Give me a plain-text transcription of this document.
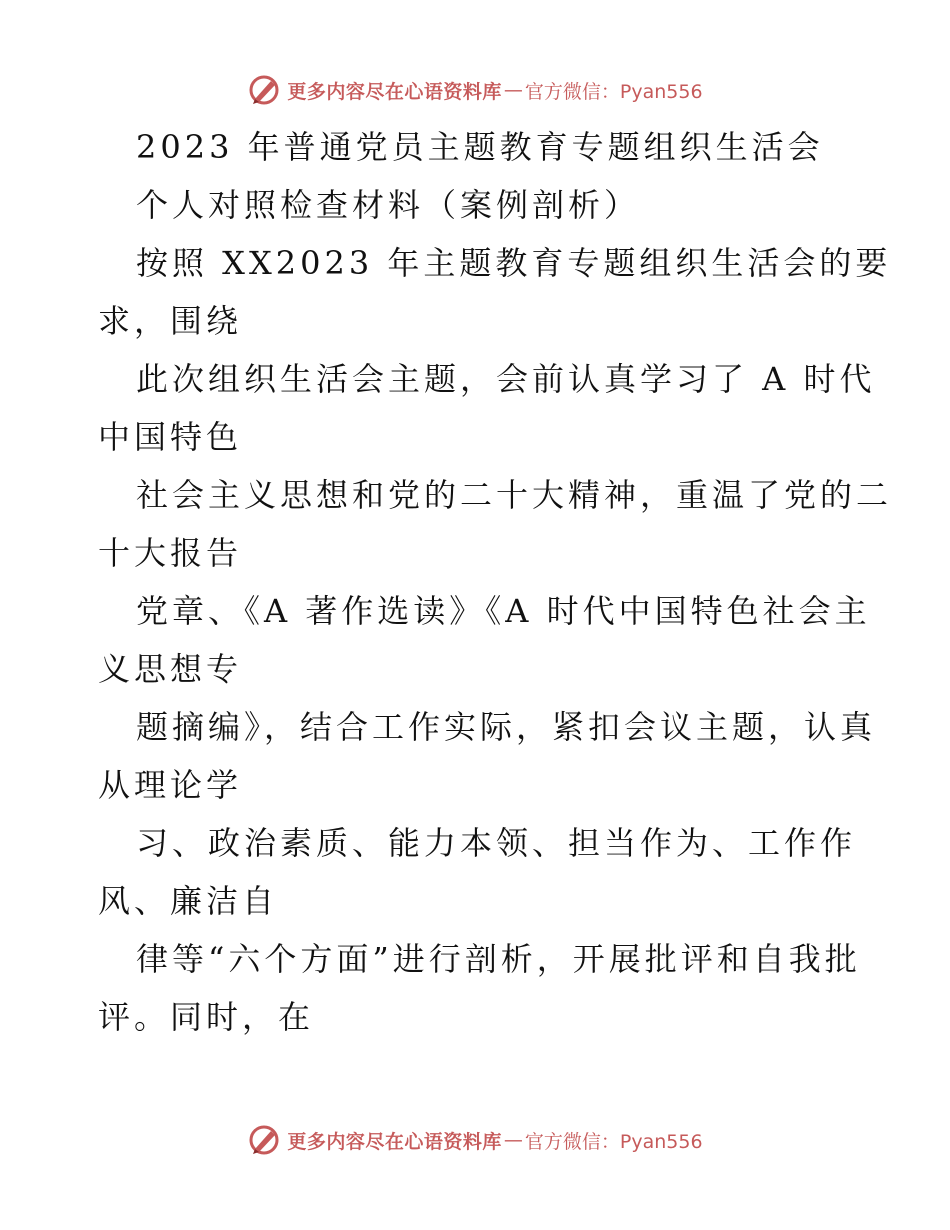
更多内容尽在心语资料库 — 官方微信：Pyan556
2023 年普通党员主题教育专题组织生活会
个人对照检查材料（案例剖析）
按照 XX2023 年主题教育专题组织生活会的要
求，围绕
此次组织生活会主题，会前认真学习了 A 时代
中国特色
社会主义思想和党的二十大精神，重温了党的二
十大报告
党章、《A 著作选读》《A 时代中国特色社会主
义思想专
题摘编》，结合工作实际，紧扣会议主题，认真
从理论学
习、政治素质、能力本领、担当作为、工作作
风、廉洁自
律等“六个方面”进行剖析，开展批评和自我批
评。同时，在
更多内容尽在心语资料库 — 官方微信：Pyan556
